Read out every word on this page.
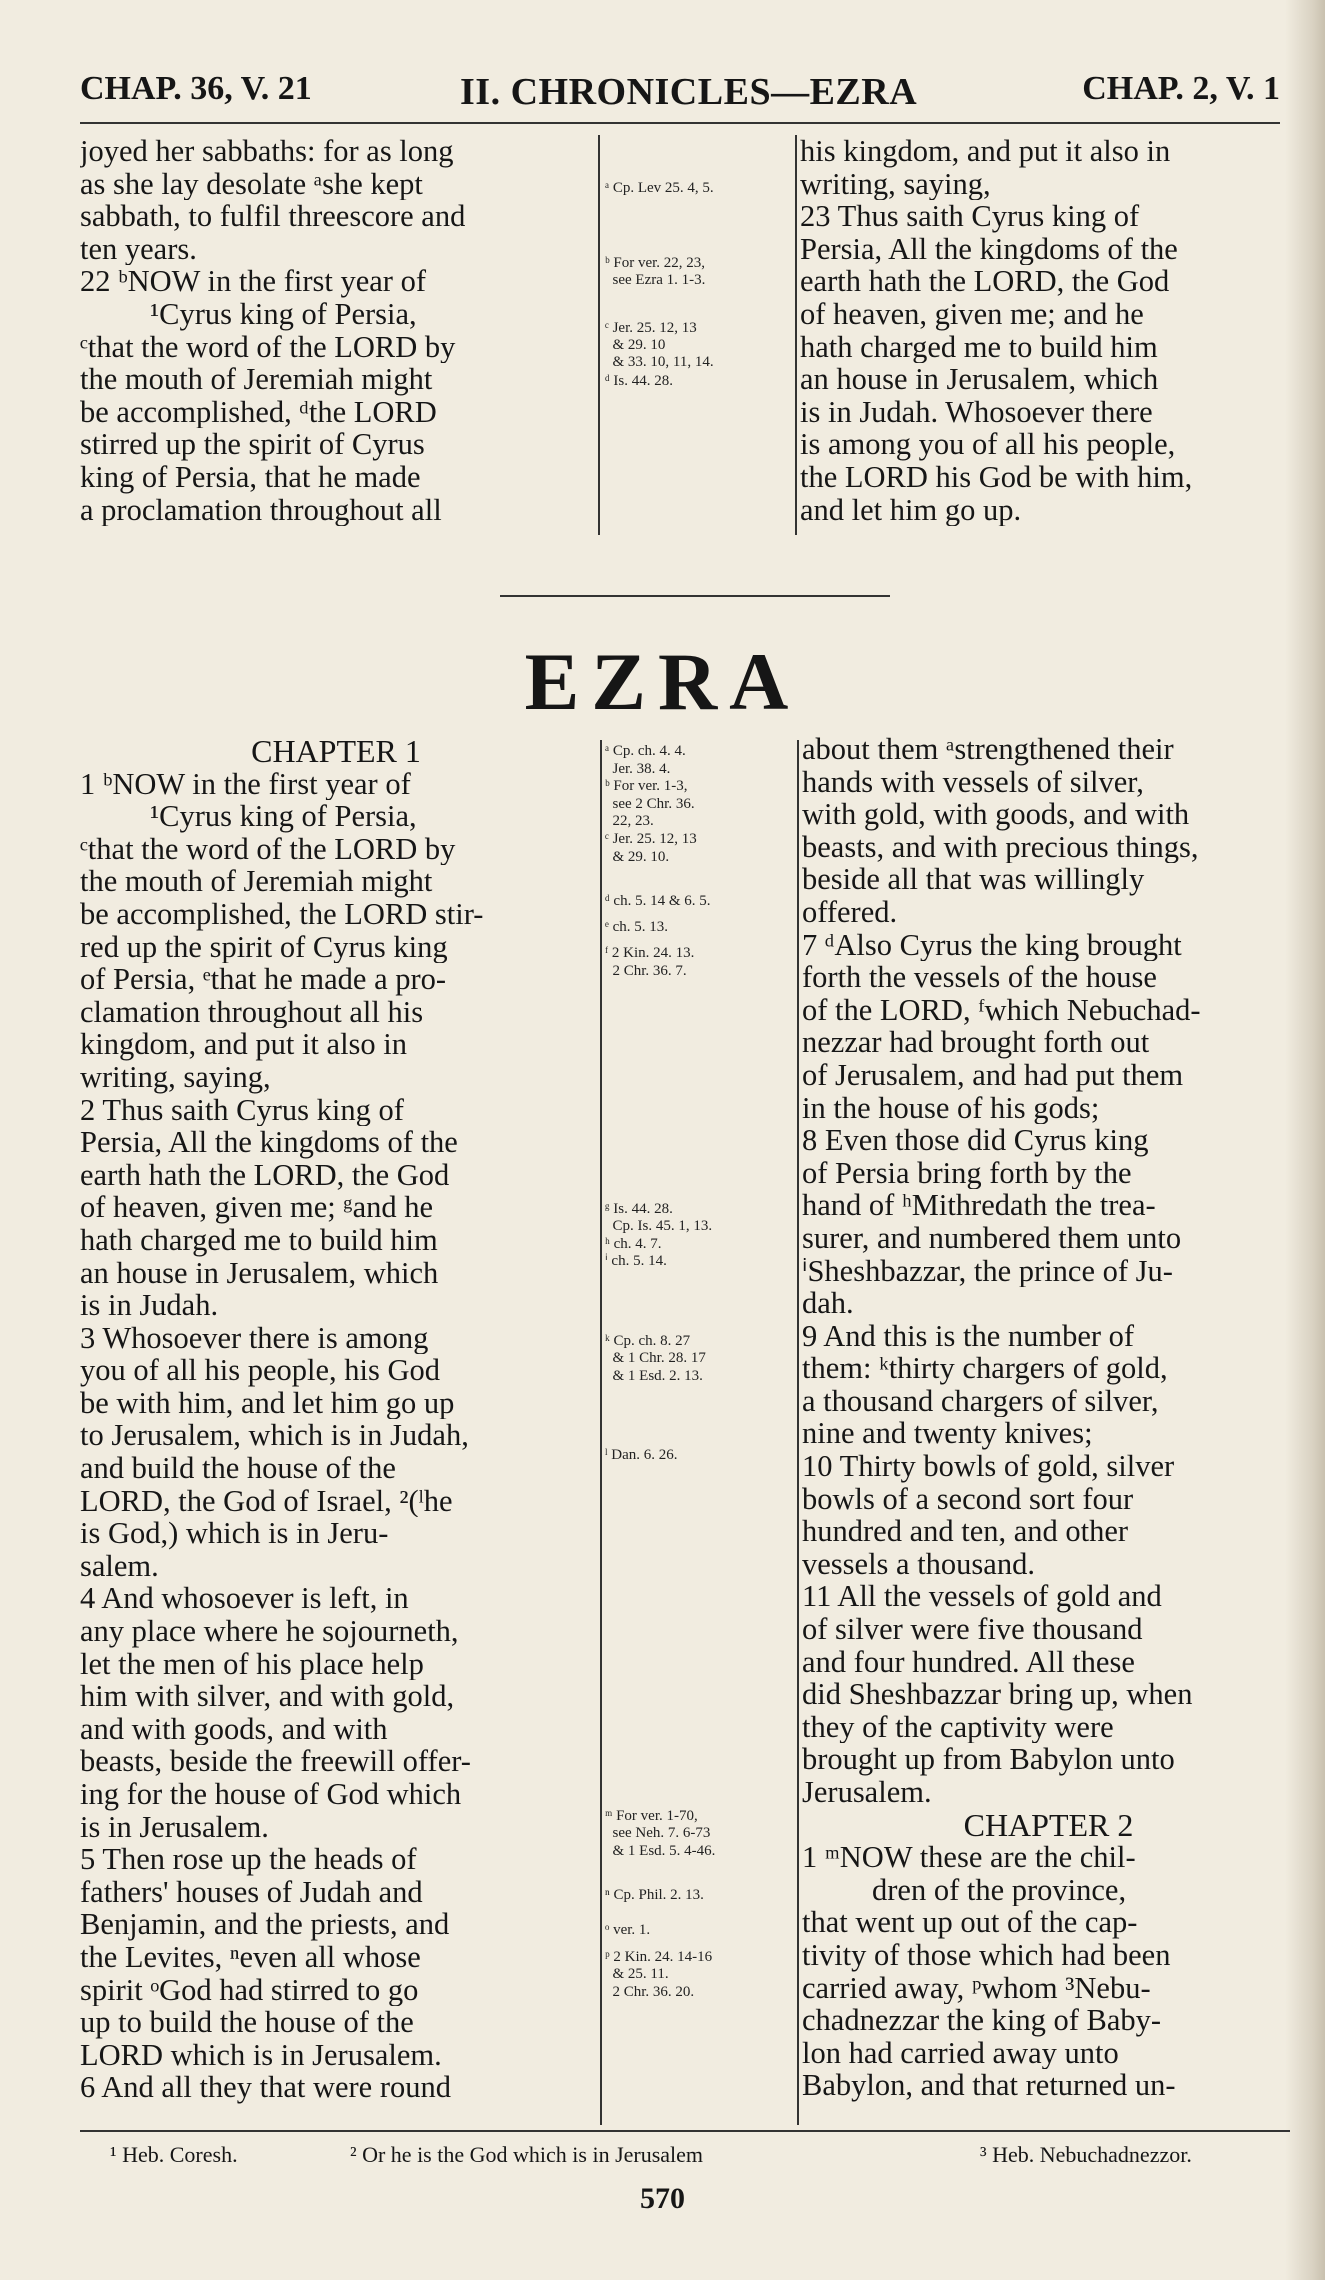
CHAP. 36, V. 21	II. CHRONICLES—EZRA	CHAP. 2, V. 1

joyed her sabbaths: for as long

as she lay desolate ᵃshe kept

sabbath, to fulfil threescore and

ten years.

22 ᵇNOW in the first year of

¹Cyrus king of Persia,

ᶜthat the word of the LORD by

the mouth of Jeremiah might

be accomplished, ᵈthe LORD

stirred up the spirit of Cyrus

king of Persia, that he made

a proclamation throughout all

ᵃ Cp. Lev 25. 4, 5.
ᵇ For ver. 22, 23,
see Ezra 1. 1-3.
ᶜ Jer. 25. 12, 13
& 29. 10
& 33. 10, 11, 14.
ᵈ Is. 44. 28.

his kingdom, and put it also in

writing, saying,

23 Thus saith Cyrus king of

Persia, All the kingdoms of the

earth hath the LORD, the God

of heaven, given me; and he

hath charged me to build him

an house in Jerusalem, which

is in Judah. Whosoever there

is among you of all his people,

the LORD his God be with him,

and let him go up.

EZRA

CHAPTER 1

1 ᵇNOW in the first year of

¹Cyrus king of Persia,

ᶜthat the word of the LORD by

the mouth of Jeremiah might

be accomplished, the LORD stir-

red up the spirit of Cyrus king

of Persia, ᵉthat he made a pro-

clamation throughout all his

kingdom, and put it also in

writing, saying,

2 Thus saith Cyrus king of

Persia, All the kingdoms of the

earth hath the LORD, the God

of heaven, given me; ᵍand he

hath charged me to build him

an house in Jerusalem, which

is in Judah.

3 Whosoever there is among

you of all his people, his God

be with him, and let him go up

to Jerusalem, which is in Judah,

and build the house of the

LORD, the God of Israel, ²(ˡhe

is God,) which is in Jeru-

salem.

4 And whosoever is left, in

any place where he sojourneth,

let the men of his place help

him with silver, and with gold,

and with goods, and with

beasts, beside the freewill offer-

ing for the house of God which

is in Jerusalem.

5 Then rose up the heads of

fathers' houses of Judah and

Benjamin, and the priests, and

the Levites, ⁿeven all whose

spirit ᵒGod had stirred to go

up to build the house of the

LORD which is in Jerusalem.

6 And all they that were round

ᵃ Cp. ch. 4. 4.
Jer. 38. 4.
ᵇ For ver. 1-3,
see 2 Chr. 36.
22, 23.
ᶜ Jer. 25. 12, 13
& 29. 10.
ᵈ ch. 5. 14 & 6. 5.
ᵉ ch. 5. 13.
ᶠ 2 Kin. 24. 13.
2 Chr. 36. 7.
ᵍ Is. 44. 28.
Cp. Is. 45. 1, 13.
ʰ ch. 4. 7.
ⁱ ch. 5. 14.
ᵏ Cp. ch. 8. 27
& 1 Chr. 28. 17
& 1 Esd. 2. 13.
ˡ Dan. 6. 26.
ᵐ For ver. 1-70,
see Neh. 7. 6-73
& 1 Esd. 5. 4-46.
ⁿ Cp. Phil. 2. 13.
ᵒ ver. 1.
ᵖ 2 Kin. 24. 14-16
& 25. 11.
2 Chr. 36. 20.

about them ᵃstrengthened their

hands with vessels of silver,

with gold, with goods, and with

beasts, and with precious things,

beside all that was willingly

offered.

7 ᵈAlso Cyrus the king brought

forth the vessels of the house

of the LORD, ᶠwhich Nebuchad-

nezzar had brought forth out

of Jerusalem, and had put them

in the house of his gods;

8 Even those did Cyrus king

of Persia bring forth by the

hand of ʰMithredath the trea-

surer, and numbered them unto

ⁱSheshbazzar, the prince of Ju-

dah.

9 And this is the number of

them: ᵏthirty chargers of gold,

a thousand chargers of silver,

nine and twenty knives;

10 Thirty bowls of gold, silver

bowls of a second sort four

hundred and ten, and other

vessels a thousand.

11 All the vessels of gold and

of silver were five thousand

and four hundred. All these

did Sheshbazzar bring up, when

they of the captivity were

brought up from Babylon unto

Jerusalem.

CHAPTER 2

1 ᵐNOW these are the chil-

dren of the province,

that went up out of the cap-

tivity of those which had been

carried away, ᵖwhom ³Nebu-

chadnezzar the king of Baby-

lon had carried away unto

Babylon, and that returned un-

¹ Heb. Coresh.	² Or he is the God which is in Jerusalem	³ Heb. Nebuchadnezzor.
570
